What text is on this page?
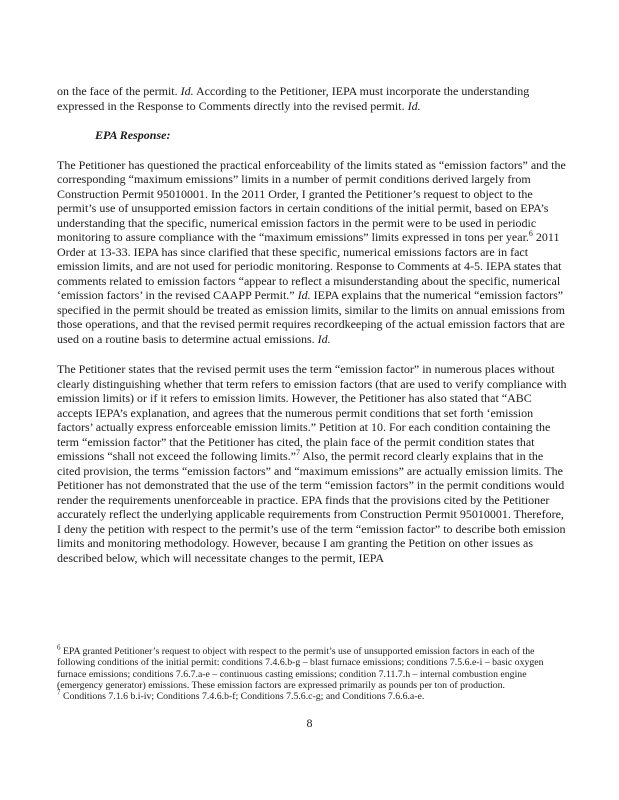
on the face of the permit. Id. According to the Petitioner, IEPA must incorporate the understanding expressed in the Response to Comments directly into the revised permit. Id.

EPA Response:

The Petitioner has questioned the practical enforceability of the limits stated as “emission factors” and the corresponding “maximum emissions” limits in a number of permit conditions derived largely from Construction Permit 95010001. In the 2011 Order, I granted the Petitioner’s request to object to the permit’s use of unsupported emission factors in certain conditions of the initial permit, based on EPA’s understanding that the specific, numerical emission factors in the permit were to be used in periodic monitoring to assure compliance with the “maximum emissions” limits expressed in tons per year.$^6$ 2011 Order at 13-33. IEPA has since clarified that these specific, numerical emissions factors are in fact emission limits, and are not used for periodic monitoring. Response to Comments at 4-5. IEPA states that comments related to emission factors “appear to reflect a misunderstanding about the specific, numerical ‘emission factors’ in the revised CAAPP Permit.” Id. IEPA explains that the numerical “emission factors” specified in the permit should be treated as emission limits, similar to the limits on annual emissions from those operations, and that the revised permit requires recordkeeping of the actual emission factors that are used on a routine basis to determine actual emissions. Id.

The Petitioner states that the revised permit uses the term “emission factor” in numerous places without clearly distinguishing whether that term refers to emission factors (that are used to verify compliance with emission limits) or if it refers to emission limits. However, the Petitioner has also stated that “ABC accepts IEPA’s explanation, and agrees that the numerous permit conditions that set forth ‘emission factors’ actually express enforceable emission limits.” Petition at 10. For each condition containing the term “emission factor” that the Petitioner has cited, the plain face of the permit condition states that emissions “shall not exceed the following limits.”$^7$ Also, the permit record clearly explains that in the cited provision, the terms “emission factors” and “maximum emissions” are actually emission limits. The Petitioner has not demonstrated that the use of the term “emission factors” in the permit conditions would render the requirements unenforceable in practice. EPA finds that the provisions cited by the Petitioner accurately reflect the underlying applicable requirements from Construction Permit 95010001. Therefore, I deny the petition with respect to the permit’s use of the term “emission factor” to describe both emission limits and monitoring methodology. However, because I am granting the Petition on other issues as described below, which will necessitate changes to the permit, IEPA

$^6$ EPA granted Petitioner’s request to object with respect to the permit’s use of unsupported emission factors in each of the following conditions of the initial permit: conditions 7.4.6.b-g – blast furnace emissions; conditions 7.5.6.e-i – basic oxygen furnace emissions; conditions 7.6.7.a-e – continuous casting emissions; condition 7.11.7.h – internal combustion engine (emergency generator) emissions. These emission factors are expressed primarily as pounds per ton of production.

$^7$ Conditions 7.1.6 b.i-iv; Conditions 7.4.6.b-f; Conditions 7.5.6.c-g; and Conditions 7.6.6.a-e.

8
